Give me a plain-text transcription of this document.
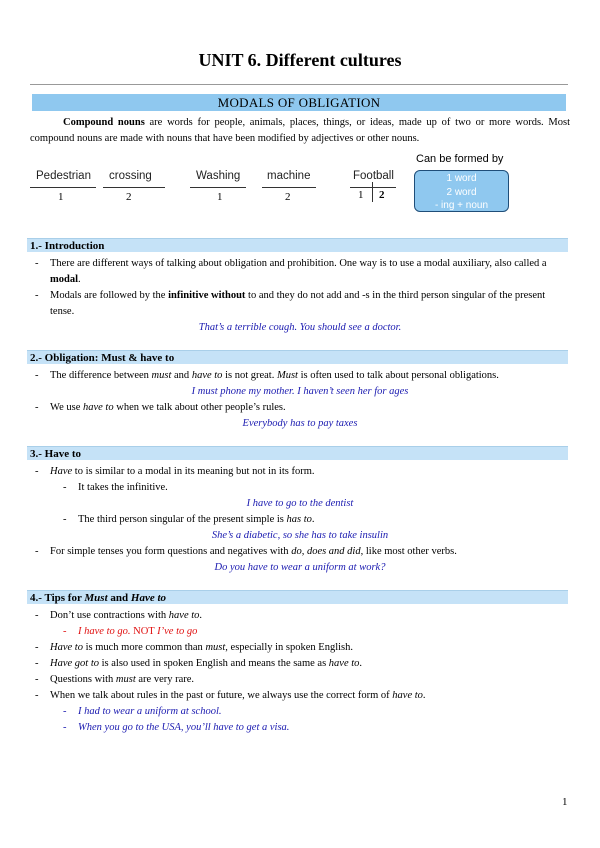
UNIT 6. Different cultures
MODALS OF OBLIGATION
Compound nouns are words for people, animals, places, things, or ideas, made up of two or more words. Most compound nouns are made with nouns that have been modified by adjectives or other nouns.
Pedestrian crossing
1	2
Washing machine
1	2
Football
1 2
Can be formed by
1 word
2 word
- ing + noun
1.- Introduction
- There are different ways of talking about obligation and prohibition. One way is to use a modal auxiliary, also called a modal.
- Modals are followed by the infinitive without to and they do not add and -s in the third person singular of the present tense.
That’s a terrible cough. You should see a doctor.
2.- Obligation: Must & have to
- The difference between must and have to is not great. Must is often used to talk about personal obligations.
I must phone my mother. I haven’t seen her for ages
- We use have to when we talk about other people’s rules.
Everybody has to pay taxes
3.- Have to
- Have to is similar to a modal in its meaning but not in its form.
- It takes the infinitive.
I have to go to the dentist
- The third person singular of the present simple is has to.
She’s a diabetic, so she has to take insulin
- For simple tenses you form questions and negatives with do, does and did, like most other verbs.
Do you have to wear a uniform at work?
4.- Tips for Must and Have to
- Don’t use contractions with have to.
- I have to go. NOT I’ve to go
- Have to is much more common than must, especially in spoken English.
- Have got to is also used in spoken English and means the same as have to.
- Questions with must are very rare.
- When we talk about rules in the past or future, we always use the correct form of have to.
- I had to wear a uniform at school.
- When you go to the USA, you’ll have to get a visa.
1
